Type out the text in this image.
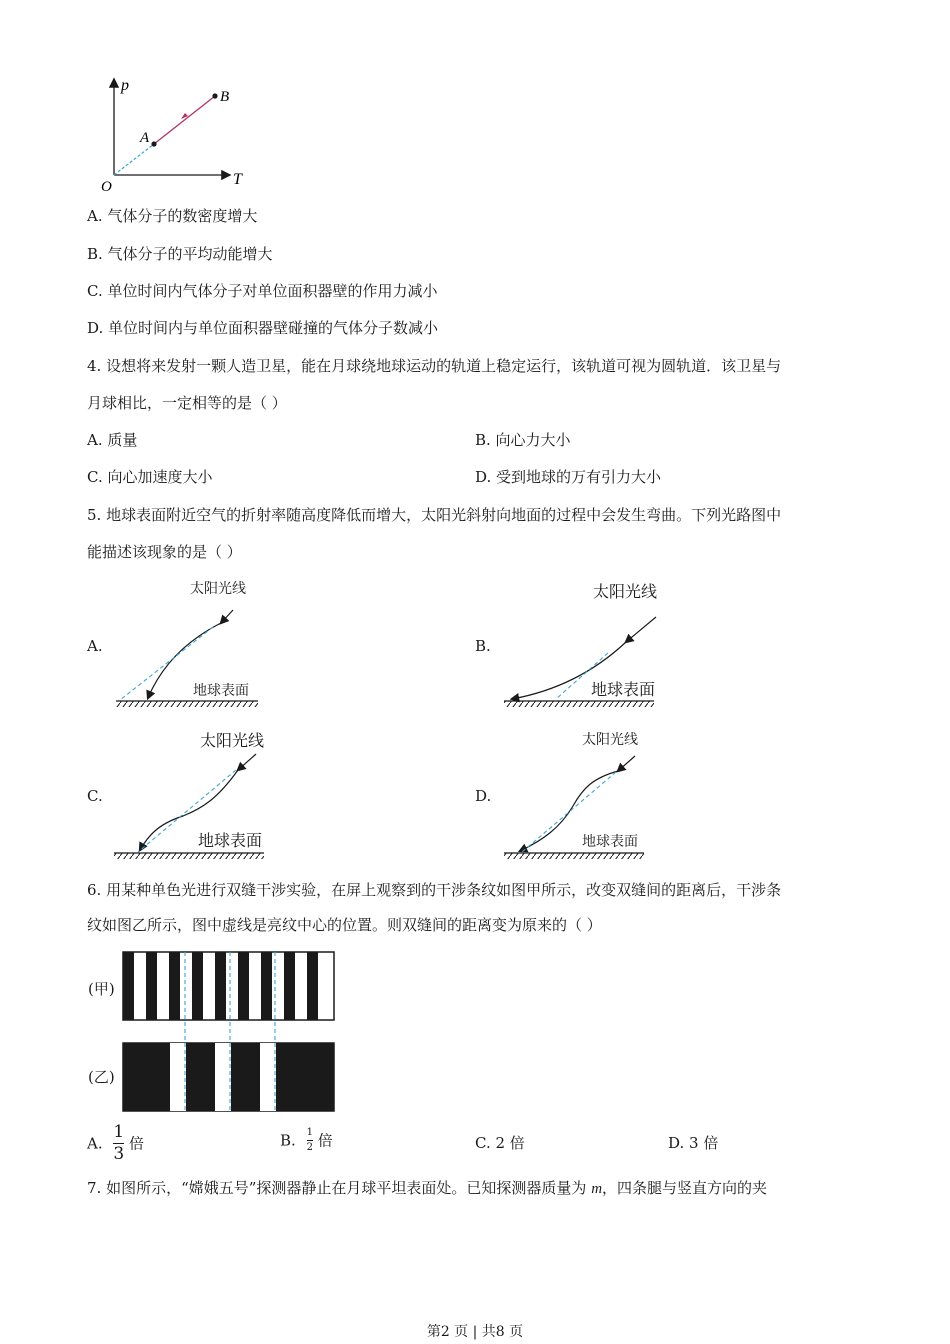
p
T
O
A
B
A. 气体分子的数密度增大
B. 气体分子的平均动能增大
C. 单位时间内气体分子对单位面积器壁的作用力减小
D. 单位时间内与单位面积器壁碰撞的气体分子数减小
4. 设想将来发射一颗人造卫星，能在月球绕地球运动的轨道上稳定运行，该轨道可视为圆轨道．该卫星与
月球相比，一定相等的是（ ）
A. 质量	B. 向心力大小
C. 向心加速度大小	D. 受到地球的万有引力大小
5. 地球表面附近空气的折射率随高度降低而增大，太阳光斜射向地面的过程中会发生弯曲。下列光路图中
能描述该现象的是（ ）
A.	B.
C.	D.
太阳光线
地球表面
太阳光线
地球表面
太阳光线
地球表面
太阳光线
地球表面
6. 用某种单色光进行双缝干涉实验，在屏上观察到的干涉条纹如图甲所示，改变双缝间的距离后，干涉条
纹如图乙所示，图中虚线是亮纹中心的位置。则双缝间的距离变为原来的（ ）
(甲)
(乙)
A. $\frac{1}{3}$ 倍	B. $\frac{1}{2}$ 倍	C. 2 倍	D. 3 倍
7. 如图所示，“嫦娥五号”探测器静止在月球平坦表面处。已知探测器质量为 m，四条腿与竖直方向的夹
第2 页 | 共8 页
